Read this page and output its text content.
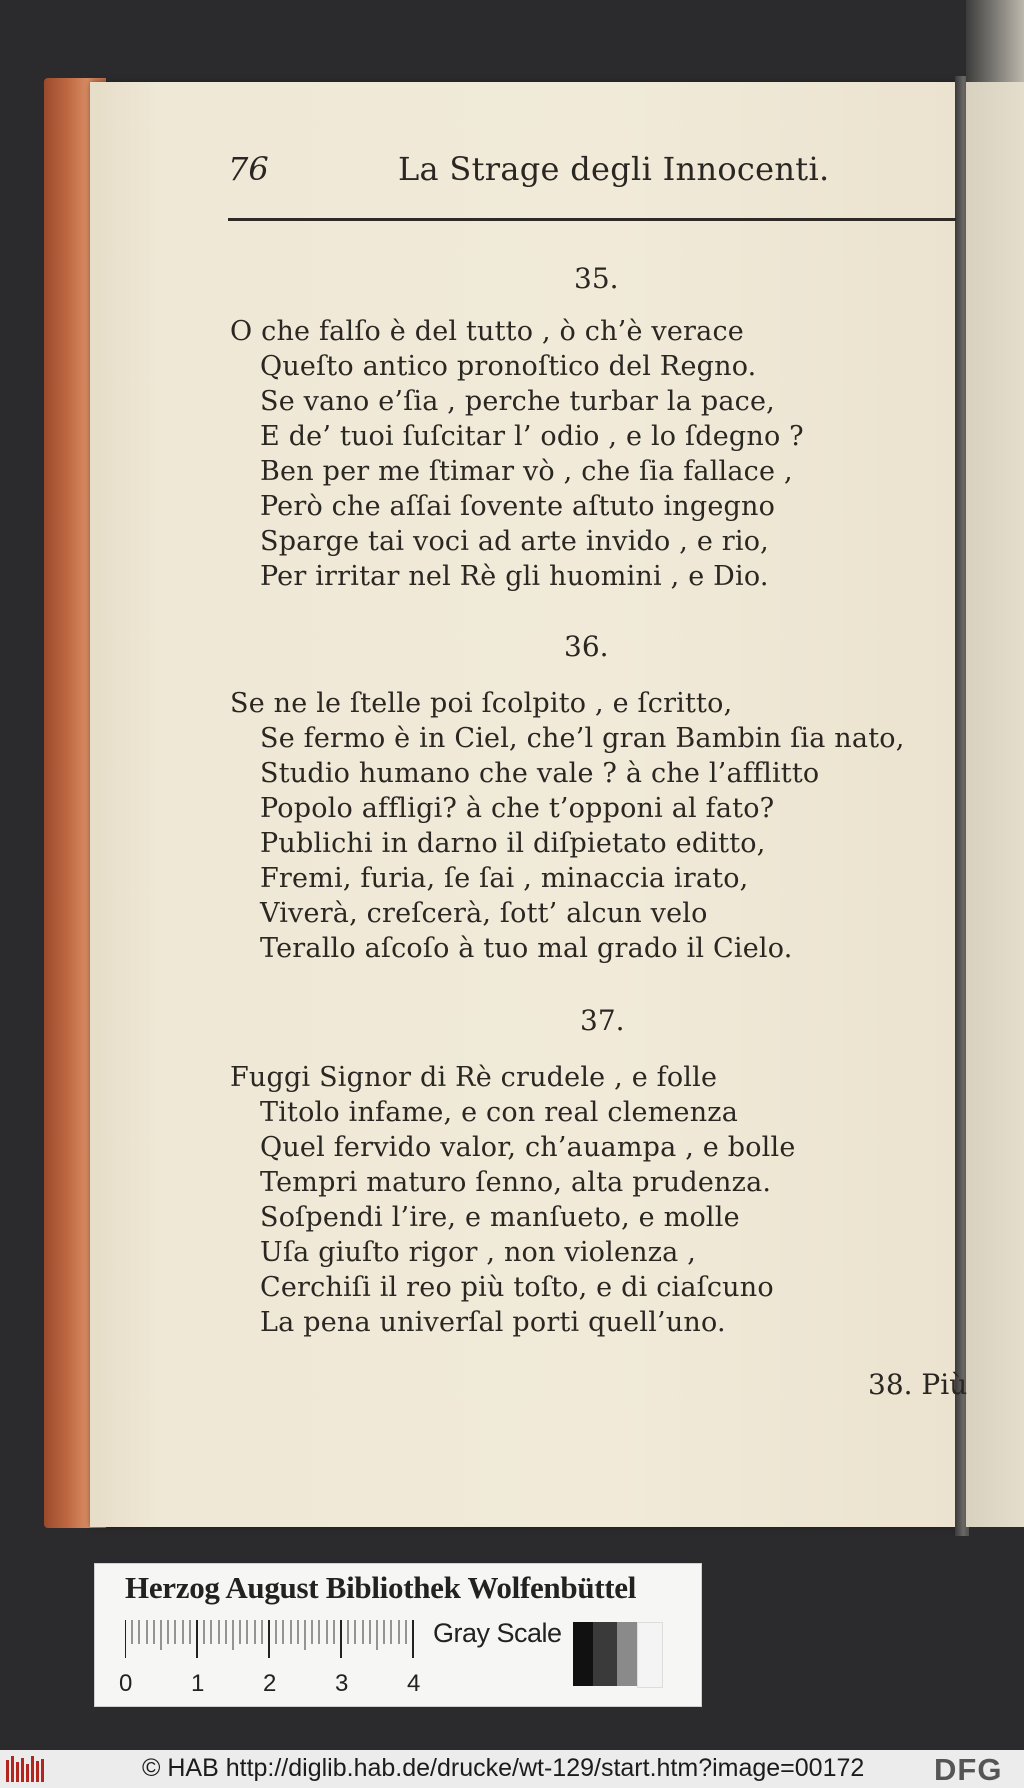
76	La Strage degli Innocenti.
35.
O che falſo è del tutto , ò ch’è verace
Queſto antico pronoſtico del Regno.
Se vano e’ſia , perche turbar la pace,
E de’ tuoi ſuſcitar l’ odio , e lo ſdegno ?
Ben per me ſtimar vò , che ſia fallace ,
Però che aſſai ſovente aſtuto ingegno
Sparge tai voci ad arte invido , e rio,
Per irritar nel Rè gli huomini , e Dio.
36.
Se ne le ſtelle poi ſcolpito , e ſcritto,
Se fermo è in Ciel, che’l gran Bambin ſia nato,
Studio humano che vale ? à che l’afflitto
Popolo affligi? à che t’opponi al fato?
Publichi in darno il diſpietato editto,
Fremi, furia, ſe ſai , minaccia irato,
Viverà, creſcerà, ſott’ alcun velo
Terallo aſcoſo à tuo mal grado il Cielo.
37.
Fuggi Signor di Rè crudele , e folle
Titolo infame, e con real clemenza
Quel fervido valor, ch’auampa , e bolle
Tempri maturo ſenno, alta prudenza.
Soſpendi l’ire, e manſueto, e molle
Uſa giuſto rigor , non violenza ,
Cerchiſi il reo più toſto, e di ciaſcuno
La pena univerſal porti quell’uno.
38. Più
Herzog August Bibliothek Wolfenbüttel
0 1 2 3 4
Gray Scale
© HAB http://diglib.hab.de/drucke/wt-129/start.htm?image=00172 DFG
